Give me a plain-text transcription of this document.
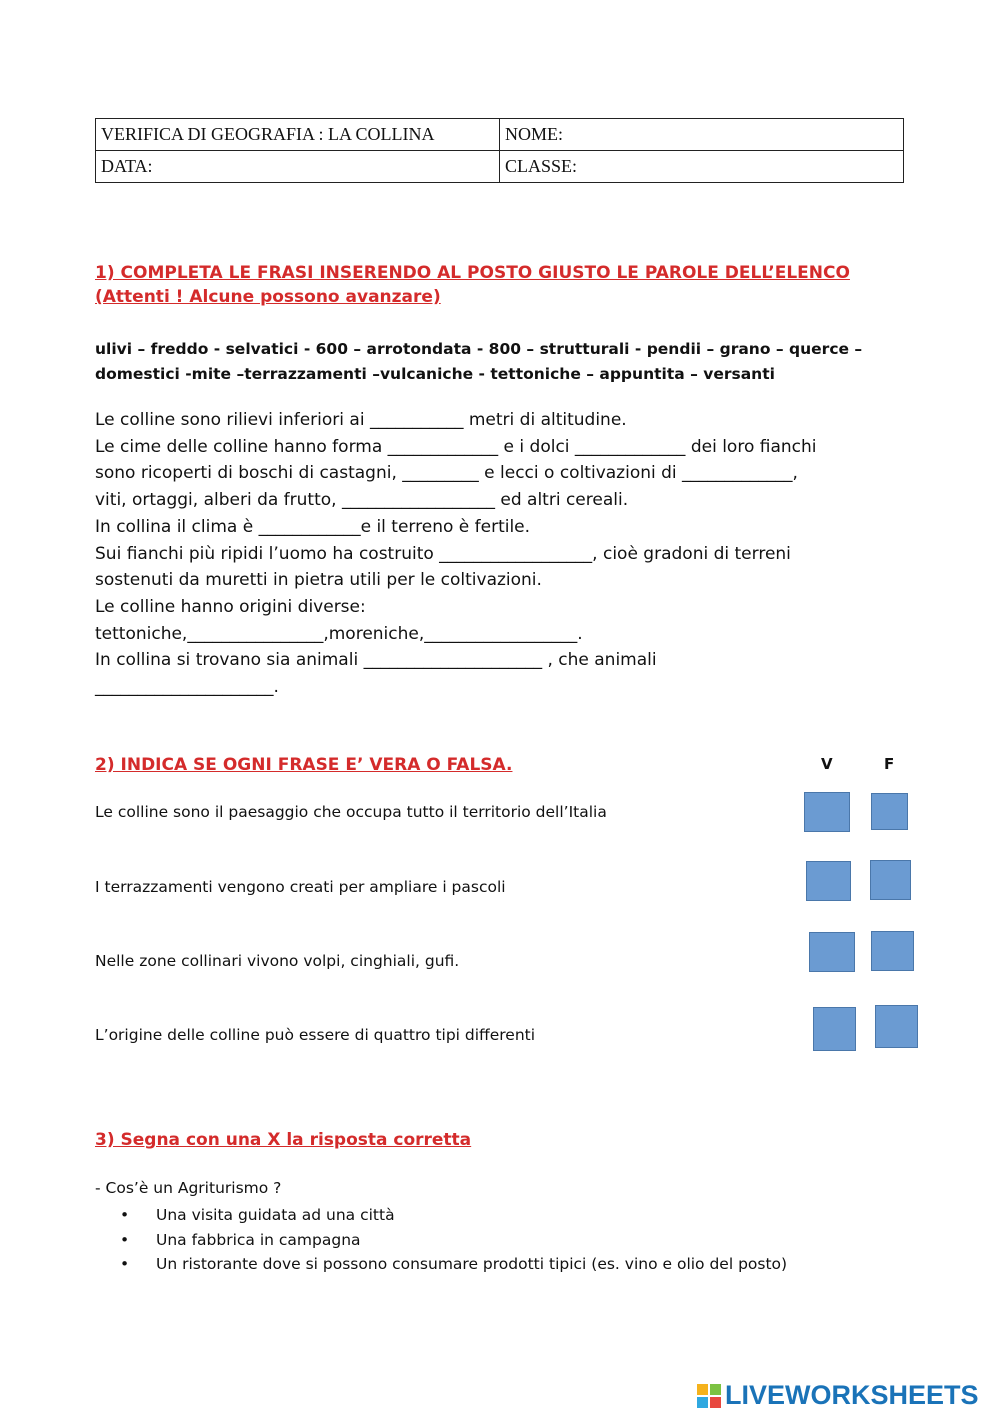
VERIFICA DI GEOGRAFIA : LA COLLINA	NOME:
DATA:	CLASSE:
1) COMPLETA LE FRASI INSERENDO AL POSTO GIUSTO LE PAROLE DELL’ELENCO
(Attenti ! Alcune possono avanzare)
ulivi – freddo - selvatici - 600 – arrotondata - 800 – strutturali - pendii – grano – querce –
domestici -mite –terrazzamenti –vulcaniche - tettoniche – appuntita – versanti
Le colline sono rilievi inferiori ai ___________ metri di altitudine.
Le cime delle colline hanno forma _____________ e i dolci _____________ dei loro fianchi
sono ricoperti di boschi di castagni, _________ e lecci o coltivazioni di _____________,
viti, ortaggi, alberi da frutto, __________________ ed altri cereali.
In collina il clima è ____________e il terreno è fertile.
Sui fianchi più ripidi l’uomo ha costruito __________________, cioè gradoni di terreni
sostenuti da muretti in pietra utili per le coltivazioni.
Le colline hanno origini diverse:
tettoniche,________________,moreniche,__________________.
In collina si trovano sia animali _____________________ , che animali
_____________________.
2) INDICA SE OGNI FRASE E’ VERA O FALSA.	V	F
Le colline sono il paesaggio che occupa tutto il territorio dell’Italia
I terrazzamenti vengono creati per ampliare i pascoli
Nelle zone collinari vivono volpi, cinghiali, gufi.
L’origine delle colline può essere di quattro tipi differenti
3) Segna con una X la risposta corretta
- Cos’è un Agriturismo ?
• Una visita guidata ad una città
• Una fabbrica in campagna
• Un ristorante dove si possono consumare prodotti tipici (es. vino e olio del posto)
LIVEWORKSHEETS
